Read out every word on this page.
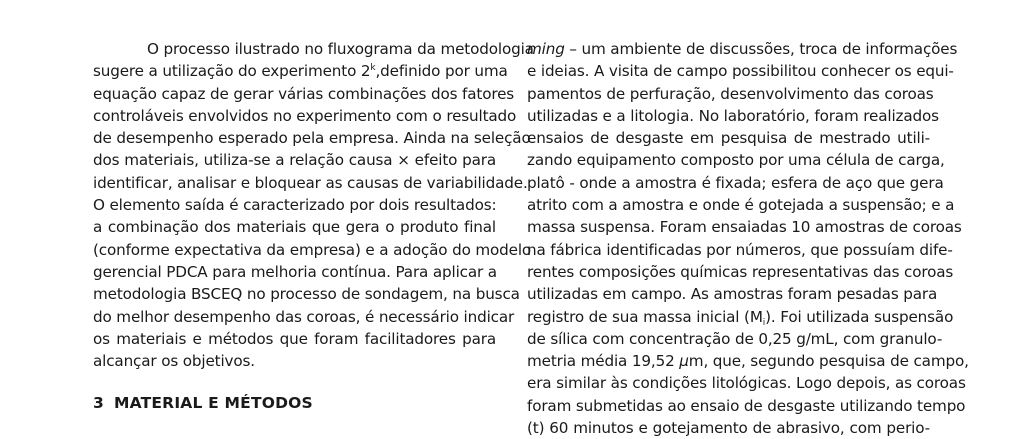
O processo ilustrado no fluxograma da metodologia
sugere a utilização do experimento 2$^k$,definido por uma
equação capaz de gerar várias combinações dos fatores
controláveis envolvidos no experimento com o resultado
de desempenho esperado pela empresa. Ainda na seleção
dos materiais, utiliza-se a relação causa × efeito para
identificar, analisar e bloquear as causas de variabilidade.
O elemento saída é caracterizado por dois resultados:
a combinação dos materiais que gera o produto final
(conforme expectativa da empresa) e a adoção do modelo
gerencial PDCA para melhoria contínua. Para aplicar a
metodologia BSCEQ no processo de sondagem, na busca
do melhor desempenho das coroas, é necessário indicar
os materiais e métodos que foram facilitadores para
alcançar os objetivos.
3 MATERIAL E MÉTODOS
ming – um ambiente de discussões, troca de informações
e ideias. A visita de campo possibilitou conhecer os equi-
pamentos de perfuração, desenvolvimento das coroas
utilizadas e a litologia. No laboratório, foram realizados
ensaios de desgaste em pesquisa de mestrado utili-
zando equipamento composto por uma célula de carga,
platô - onde a amostra é fixada; esfera de aço que gera
atrito com a amostra e onde é gotejada a suspensão; e a
massa suspensa. Foram ensaiadas 10 amostras de coroas
na fábrica identificadas por números, que possuíam dife-
rentes composições químicas representativas das coroas
utilizadas em campo. As amostras foram pesadas para
registro de sua massa inicial $(M_i)$. Foi utilizada suspensão
de sílica com concentração de 0,25 g/mL, com granulo-
metria média 19,52 μm, que, segundo pesquisa de campo,
era similar às condições litológicas. Logo depois, as coroas
foram submetidas ao ensaio de desgaste utilizando tempo
(t) 60 minutos e gotejamento de abrasivo, com perio-
